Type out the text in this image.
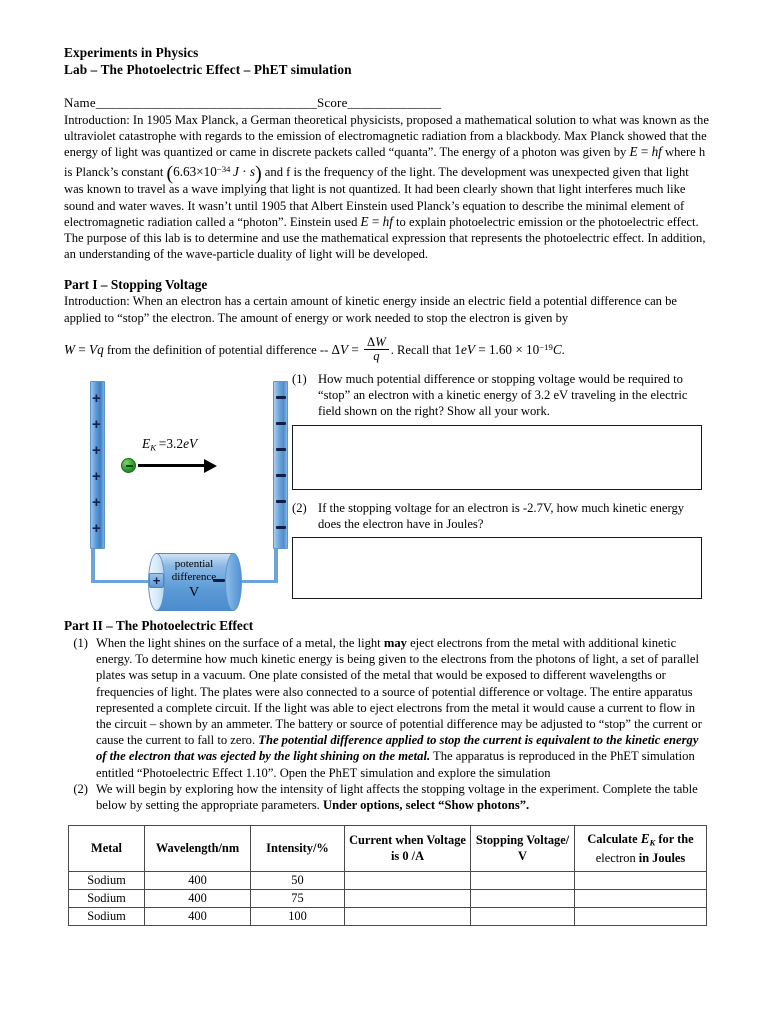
Experiments in Physics
Lab – The Photoelectric Effect – PhET simulation
Name_________________________________Score______________
Introduction: In 1905 Max Planck, a German theoretical physicists, proposed a mathematical solution to what was known as the ultraviolet catastrophe with regards to the emission of electromagnetic radiation from a blackbody. Max Planck showed that the energy of light was quantized or came in discrete packets called “quanta”. The energy of a photon was given by E = hf where h is Planck’s constant ($6.63\times 10^{-34}$ J · s) and f is the frequency of the light. The development was unexpected given that light was known to travel as a wave implying that light is not quantized. It had been clearly shown that light interferes much like sound and water waves. It wasn’t until 1905 that Albert Einstein used Planck’s equation to describe the minimal element of electromagnetic radiation called a “photon”. Einstein used E = hf to explain photoelectric emission or the photoelectric effect. The purpose of this lab is to determine and use the mathematical expression that represents the photoelectric effect. In addition, an understanding of the wave-particle duality of light will be developed.
Part I – Stopping Voltage
Introduction: When an electron has a certain amount of kinetic energy inside an electric field a potential difference can be applied to “stop” the electron. The amount of energy or work needed to stop the electron is given by
W = Vq from the definition of potential difference -- $\Delta V = \frac{\Delta W}{q}$ . Recall that $1eV = 1.60 \times 10^{-19}C$.
+
+
+
+
+
+
$E_K =3.2eV$
+
potential
difference
V
(1) How much potential difference or stopping voltage would be required to “stop” an electron with a kinetic energy of 3.2 eV traveling in the electric field shown on the right? Show all your work.
(2) If the stopping voltage for an electron is -2.7V, how much kinetic energy does the electron have in Joules?
Part II – The Photoelectric Effect
(1) When the light shines on the surface of a metal, the light may eject electrons from the metal with additional kinetic energy. To determine how much kinetic energy is being given to the electrons from the photons of light, a set of parallel plates was setup in a vacuum. One plate consisted of the metal that would be exposed to different wavelengths or frequencies of light. The plates were also connected to a source of potential difference or voltage. The entire apparatus represented a complete circuit. If the light was able to eject electrons from the metal it would cause a current to flow in the circuit – shown by an ammeter. The battery or source of potential difference may be adjusted to “stop” the current or cause the current to fall to zero. The potential difference applied to stop the current is equivalent to the kinetic energy of the electron that was ejected by the light shining on the metal. The apparatus is reproduced in the PhET simulation entitled “Photoelectric Effect 1.10”. Open the PhET simulation and explore the simulation
(2) We will begin by exploring how the intensity of light affects the stopping voltage in the experiment. Complete the table below by setting the appropriate parameters. Under options, select “Show photons”.
Metal	Wavelength/nm	Intensity/%	Current when Voltage is 0 /A	Stopping Voltage/ V	Calculate $E_K$ for the
electron in Joules
Sodium	400	50			
Sodium	400	75			
Sodium	400	100			
